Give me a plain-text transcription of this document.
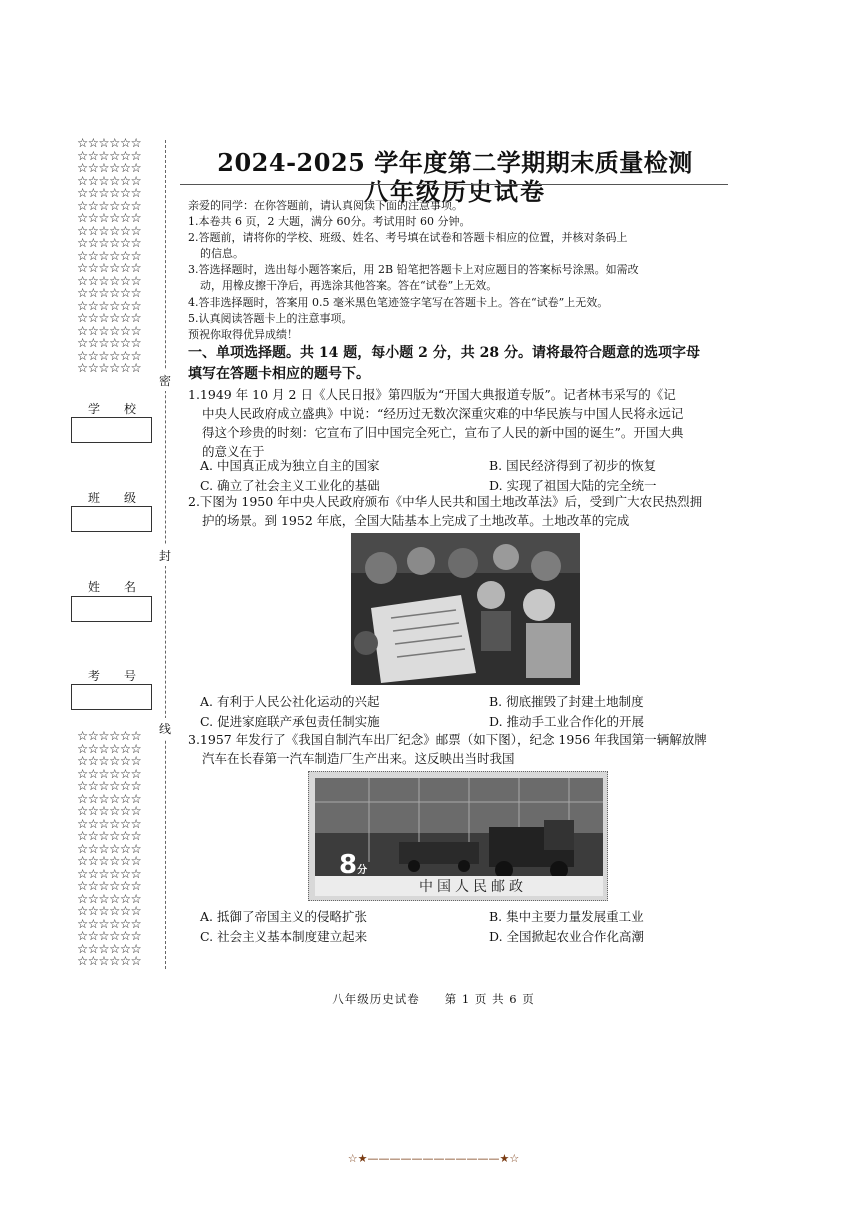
☆☆☆☆☆☆
☆☆☆☆☆☆
☆☆☆☆☆☆
☆☆☆☆☆☆
☆☆☆☆☆☆
☆☆☆☆☆☆
☆☆☆☆☆☆
☆☆☆☆☆☆
☆☆☆☆☆☆
☆☆☆☆☆☆
☆☆☆☆☆☆
☆☆☆☆☆☆
☆☆☆☆☆☆
☆☆☆☆☆☆
☆☆☆☆☆☆
☆☆☆☆☆☆
☆☆☆☆☆☆
☆☆☆☆☆☆
☆☆☆☆☆☆
☆☆☆☆☆☆
☆☆☆☆☆☆
☆☆☆☆☆☆
☆☆☆☆☆☆
☆☆☆☆☆☆
☆☆☆☆☆☆
☆☆☆☆☆☆
☆☆☆☆☆☆
☆☆☆☆☆☆
☆☆☆☆☆☆
☆☆☆☆☆☆
☆☆☆☆☆☆
☆☆☆☆☆☆
☆☆☆☆☆☆
☆☆☆☆☆☆
☆☆☆☆☆☆
☆☆☆☆☆☆
☆☆☆☆☆☆
☆☆☆☆☆☆
密
封
线
学 校
班 级
姓 名
考 号
2024-2025 学年度第二学期期末质量检测
八年级历史试卷

亲爱的同学：在你答题前，请认真阅读下面的注意事项。

1.本卷共 6 页，2 大题，满分 60分。考试用时 60 分钟。

2.答题前，请将你的学校、班级、姓名、考号填在试卷和答题卡相应的位置，并核对条码上

的信息。

3.答选择题时，选出每小题答案后，用 2B 铅笔把答题卡上对应题目的答案标号涂黑。如需改

动，用橡皮擦干净后，再选涂其他答案。答在“试卷”上无效。

4.答非选择题时，答案用 0.5 毫米黑色笔迹签字笔写在答题卡上。答在“试卷”上无效。

5.认真阅读答题卡上的注意事项。

预祝你取得优异成绩！

一、单项选择题。共 14 题，每小题 2 分，共 28 分。请将最符合题意的选项字母
填写在答题卡相应的题号下。
1.1949 年 10 月 2 日《人民日报》第四版为“开国大典报道专版”。记者林韦采写的《记
中央人民政府成立盛典》中说：“经历过无数次深重灾难的中华民族与中国人民将永远记
得这个珍贵的时刻：它宣布了旧中国完全死亡，宣布了人民的新中国的诞生”。开国大典
的意义在于
A. 中国真正成为独立自主的国家	B. 国民经济得到了初步的恢复
C. 确立了社会主义工业化的基础	D. 实现了祖国大陆的完全统一
2.下图为 1950 年中央人民政府颁布《中华人民共和国土地改革法》后，受到广大农民热烈拥
护的场景。到 1952 年底，全国大陆基本上完成了土地改革。土地改革的完成
A. 有利于人民公社化运动的兴起	B. 彻底摧毁了封建土地制度
C. 促进家庭联产承包责任制实施	D. 推动手工业合作化的开展
3.1957 年发行了《我国自制汽车出厂纪念》邮票（如下图），纪念 1956 年我国第一辆解放牌
汽车在长春第一汽车制造厂生产出来。这反映出当时我国
8分
中国人民邮政
A. 抵御了帝国主义的侵略扩张	B. 集中主要力量发展重工业
C. 社会主义基本制度建立起来	D. 全国掀起农业合作化高潮
八年级历史试卷　　第 1 页 共 6 页
☆★————————————★☆
